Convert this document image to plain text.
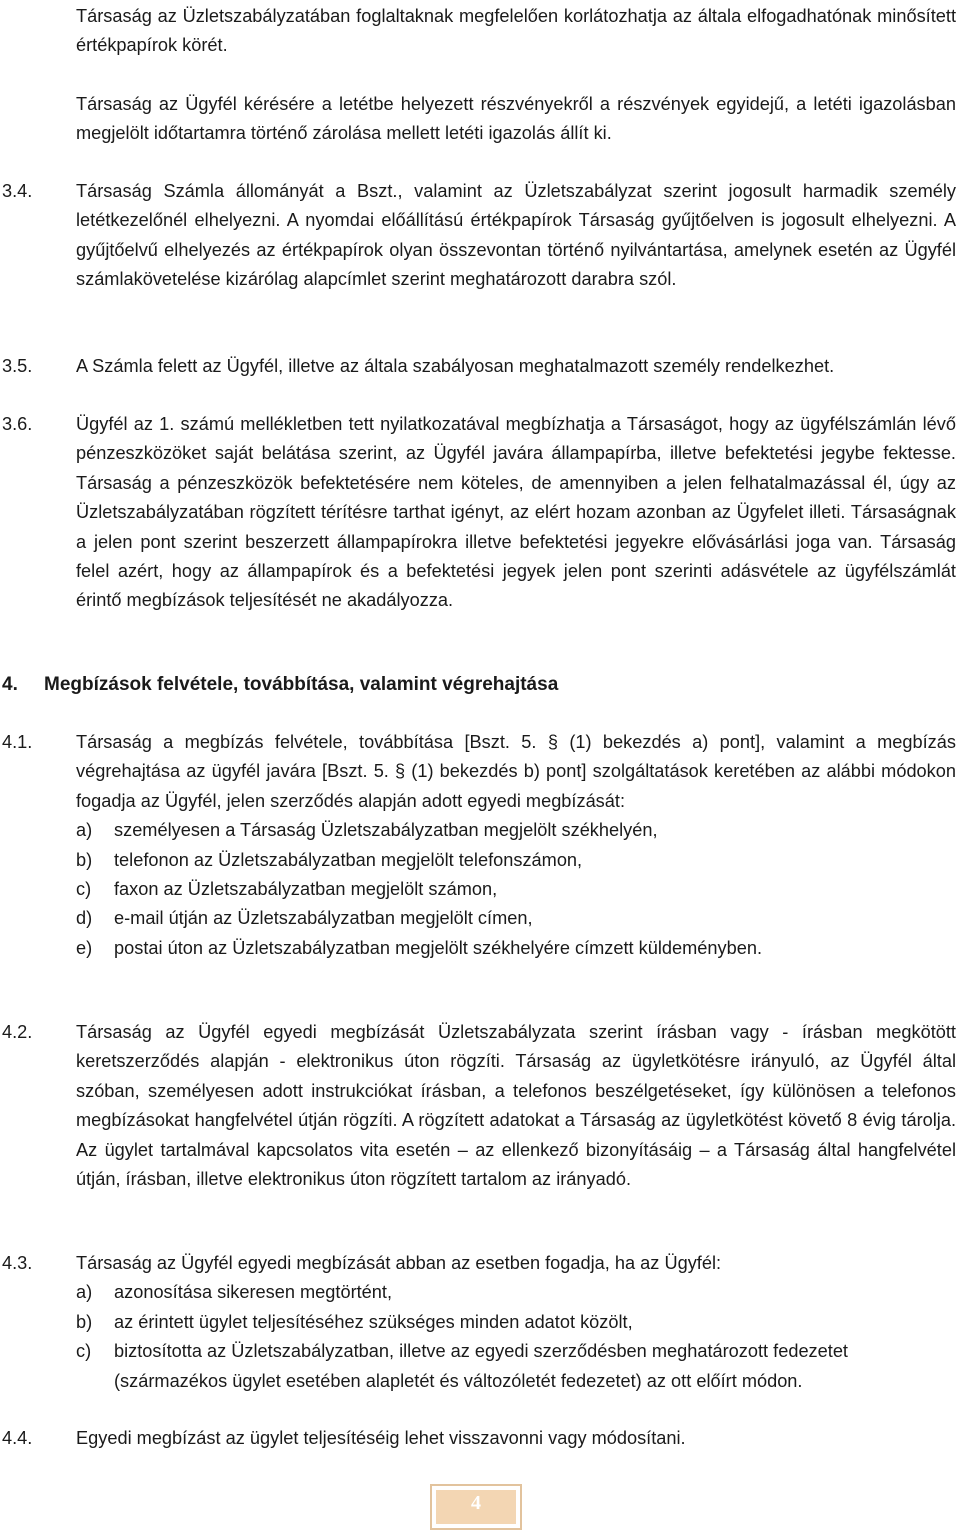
Társaság az Üzletszabályzatában foglaltaknak megfelelően korlátozhatja az általa elfogadhatónak minősített értékpapírok körét.
Társaság az Ügyfél kérésére a letétbe helyezett részvényekről a részvények egyidejű, a letéti igazolásban megjelölt időtartamra történő zárolása mellett letéti igazolás állít ki.
3.4.	Társaság Számla állományát a Bszt., valamint az Üzletszabályzat szerint jogosult harmadik személy letétkezelőnél elhelyezni. A nyomdai előállítású értékpapírok Társaság gyűjtőelven is jogosult elhelyezni. A gyűjtőelvű elhelyezés az értékpapírok olyan összevontan történő nyilvántartása, amelynek esetén az Ügyfél számlakövetelése kizárólag alapcímlet szerint meghatározott darabra szól.
3.5.	A Számla felett az Ügyfél, illetve az általa szabályosan meghatalmazott személy rendelkezhet.
3.6.	Ügyfél az 1. számú mellékletben tett nyilatkozatával megbízhatja a Társaságot, hogy az ügyfélszámlán lévő pénzeszközöket saját belátása szerint, az Ügyfél javára állampapírba, illetve befektetési jegybe fektesse. Társaság a pénzeszközök befektetésére nem köteles, de amennyiben a jelen felhatalmazással él, úgy az Üzletszabályzatában rögzített térítésre tarthat igényt, az elért hozam azonban az Ügyfelet illeti. Társaságnak a jelen pont szerint beszerzett állampapírokra illetve befektetési jegyekre elővásárlási joga van. Társaság felel azért, hogy az állampapírok és a befektetési jegyek jelen pont szerinti adásvétele az ügyfélszámlát érintő megbízások teljesítését ne akadályozza.
4. Megbízások felvétele, továbbítása, valamint végrehajtása
4.1.	Társaság a megbízás felvétele, továbbítása [Bszt. 5. § (1) bekezdés a) pont], valamint a megbízás végrehajtása az ügyfél javára [Bszt. 5. § (1) bekezdés b) pont] szolgáltatások keretében az alábbi módokon fogadja az Ügyfél, jelen szerződés alapján adott egyedi megbízását:
a) személyesen a Társaság Üzletszabályzatban megjelölt székhelyén,
b) telefonon az Üzletszabályzatban megjelölt telefonszámon,
c) faxon az Üzletszabályzatban megjelölt számon,
d) e-mail útján az Üzletszabályzatban megjelölt címen,
e) postai úton az Üzletszabályzatban megjelölt székhelyére címzett küldeményben.
4.2.	Társaság az Ügyfél egyedi megbízását Üzletszabályzata szerint írásban vagy - írásban megkötött keretszerződés alapján - elektronikus úton rögzíti. Társaság az ügyletkötésre irányuló, az Ügyfél által szóban, személyesen adott instrukciókat írásban, a telefonos beszélgetéseket, így különösen a telefonos megbízásokat hangfelvétel útján rögzíti. A rögzített adatokat a Társaság az ügyletkötést követő 8 évig tárolja. Az ügylet tartalmával kapcsolatos vita esetén – az ellenkező bizonyításáig – a Társaság által hangfelvétel útján, írásban, illetve elektronikus úton rögzített tartalom az irányadó.
4.3.	Társaság az Ügyfél egyedi megbízását abban az esetben fogadja, ha az Ügyfél:
a) azonosítása sikeresen megtörtént,
b) az érintett ügylet teljesítéséhez szükséges minden adatot közölt,
c) biztosította az Üzletszabályzatban, illetve az egyedi szerződésben meghatározott fedezetet (származékos ügylet esetében alapletét és változóletét fedezetet) az ott előírt módon.
4.4.	Egyedi megbízást az ügylet teljesítéséig lehet visszavonni vagy módosítani.
4
